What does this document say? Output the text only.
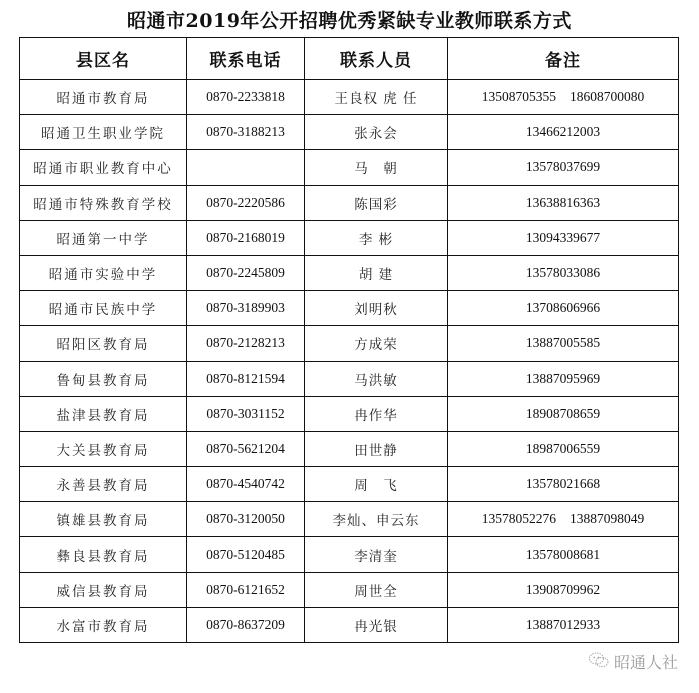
昭通市2019年公开招聘优秀紧缺专业教师联系方式
县区名	联系电话	联系人员	备注
昭通市教育局	0870-2233818	王良权 虎 任	13508705355 18608700080
昭通卫生职业学院	0870-3188213	张永会	13466212003
昭通市职业教育中心		马　朝	13578037699
昭通市特殊教育学校	0870-2220586	陈国彩	13638816363
昭通第一中学	0870-2168019	李 彬	13094339677
昭通市实验中学	0870-2245809	胡 建	13578033086
昭通市民族中学	0870-3189903	刘明秋	13708606966
昭阳区教育局	0870-2128213	方成荣	13887005585
鲁甸县教育局	0870-8121594	马洪敏	13887095969
盐津县教育局	0870-3031152	冉作华	18908708659
大关县教育局	0870-5621204	田世静	18987006559
永善县教育局	0870-4540742	周　飞	13578021668
镇雄县教育局	0870-3120050	李灿、申云东	13578052276 13887098049
彝良县教育局	0870-5120485	李清奎	13578008681
威信县教育局	0870-6121652	周世全	13908709962
水富市教育局	0870-8637209	冉光银	13887012933
昭通人社
